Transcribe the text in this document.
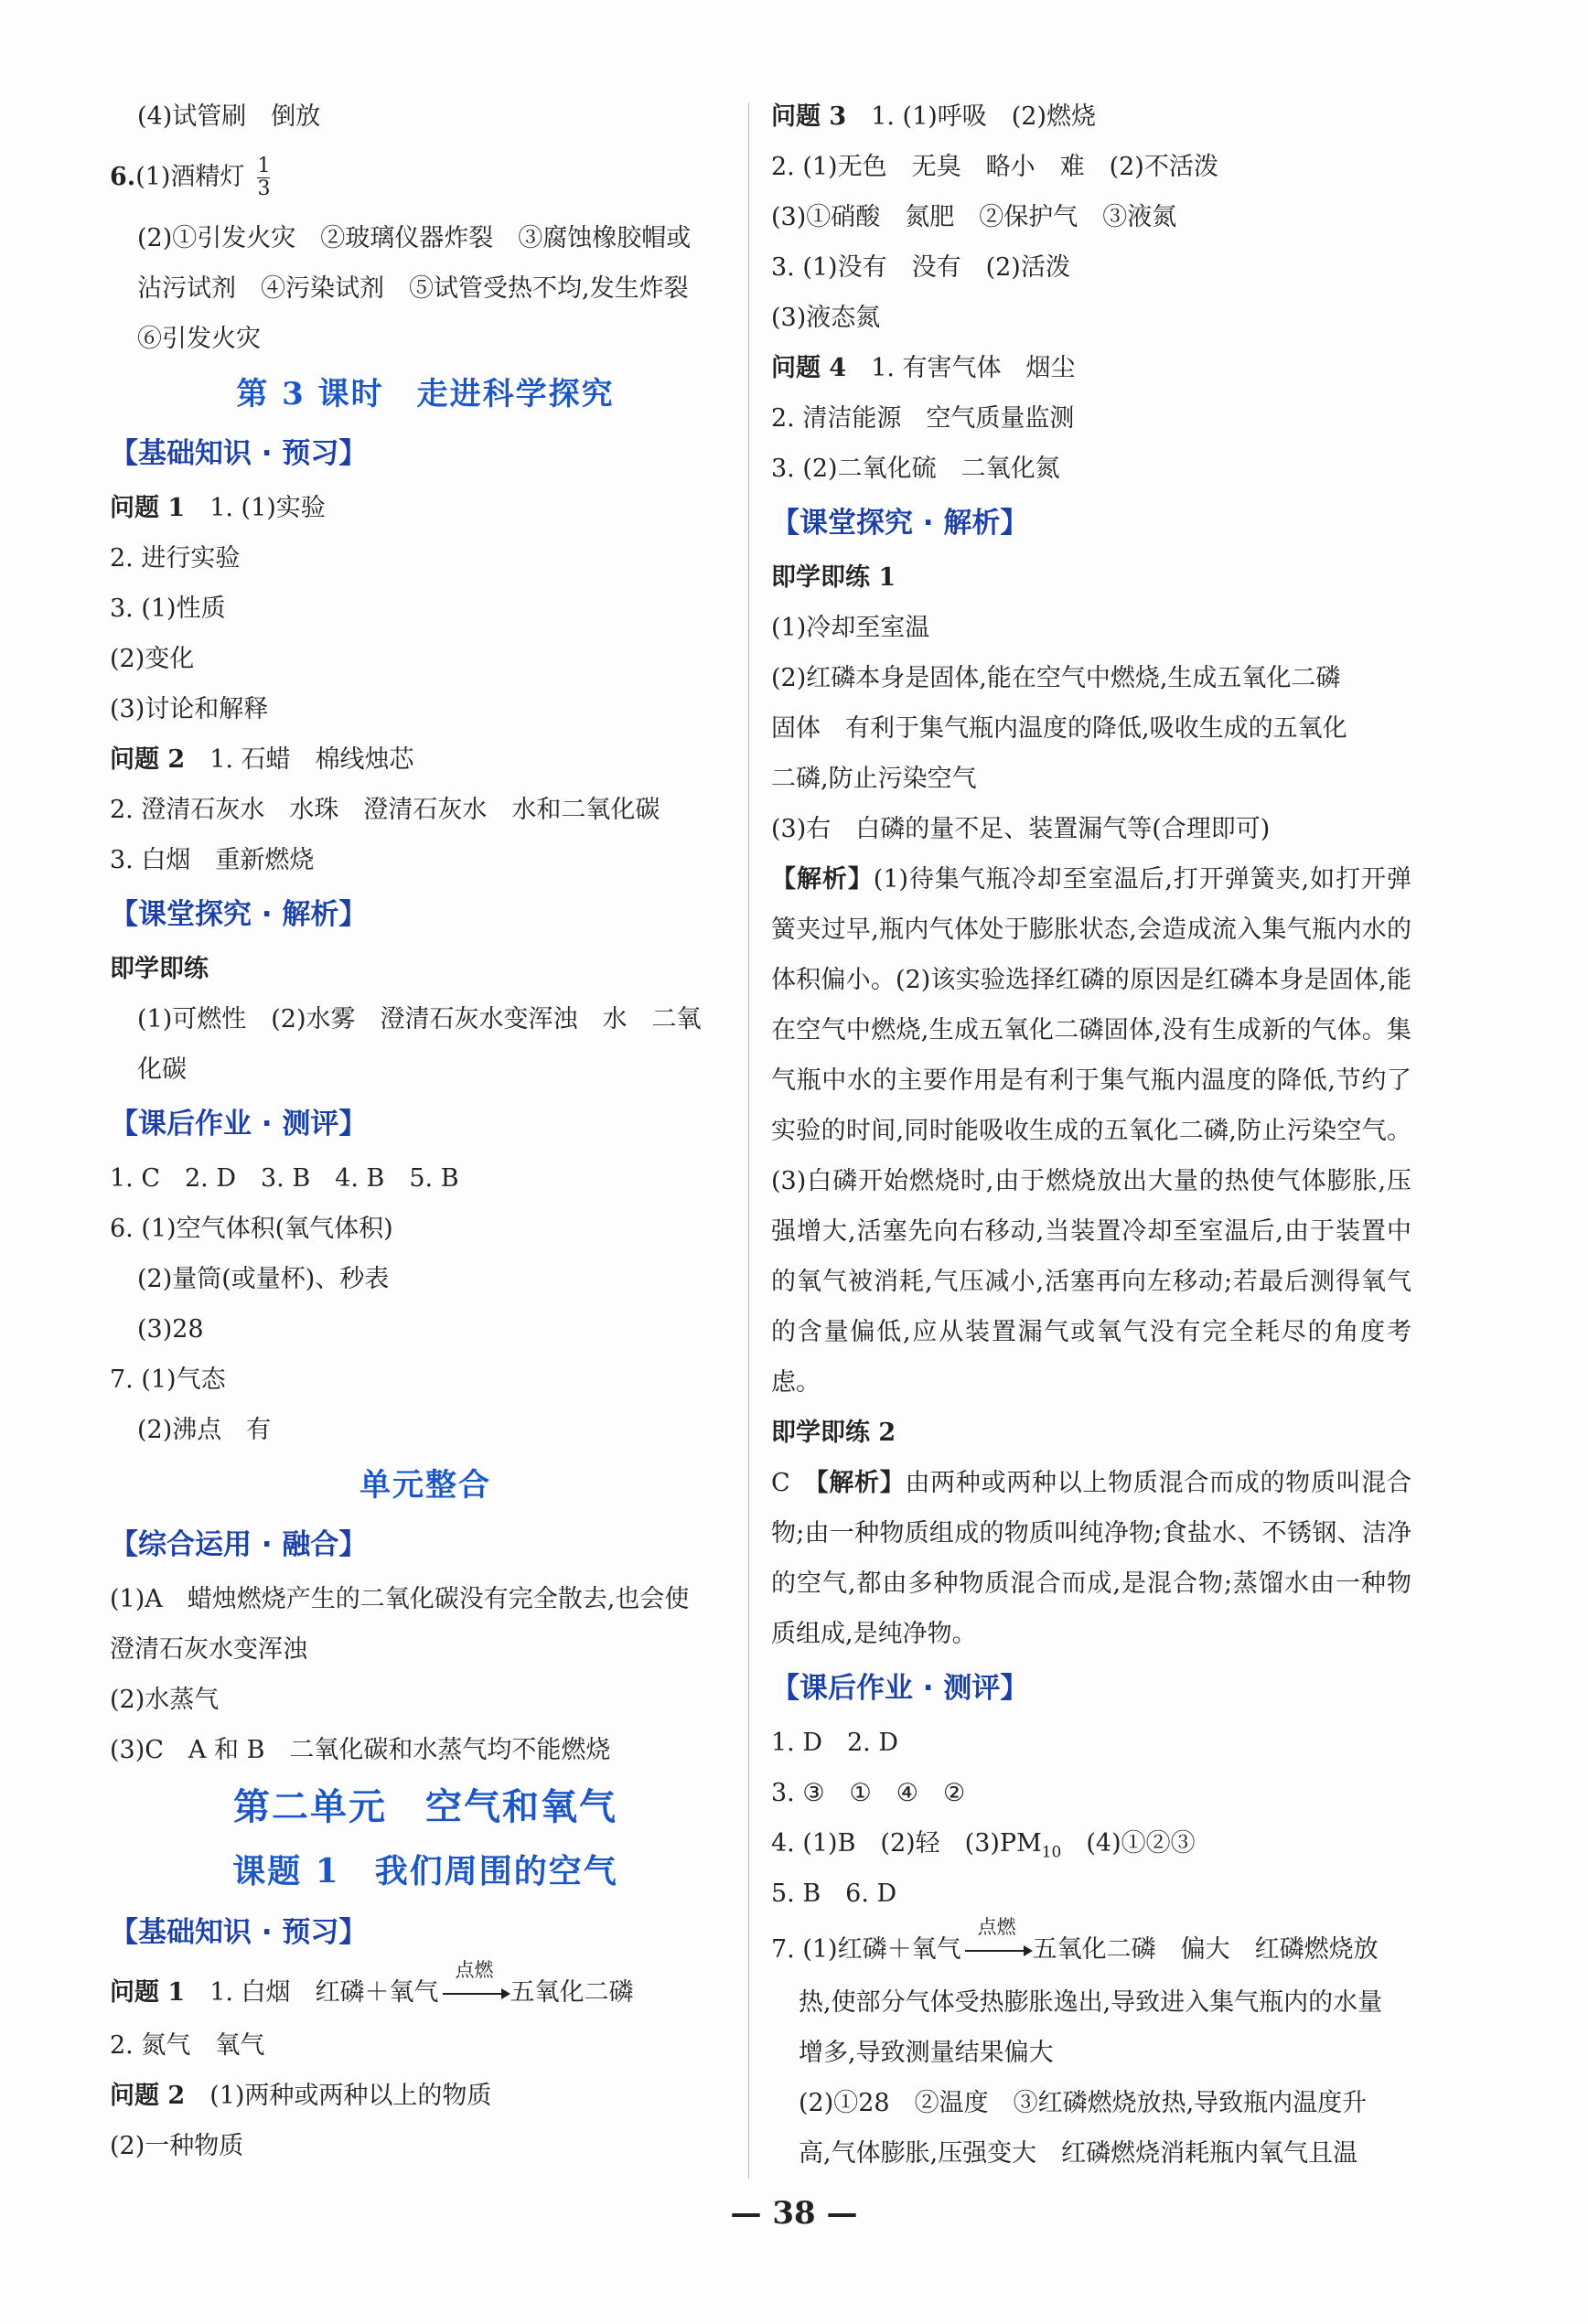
(4)试管刷　倒放
6.(1)酒精灯 $\frac{1}{3}$
(2)①引发火灾　②玻璃仪器炸裂　③腐蚀橡胶帽或
沾污试剂　④污染试剂　⑤试管受热不均,发生炸裂
⑥引发火灾
第 3 课时　走进科学探究
【基础知识 · 预习】
问题 1　 1. (1)实验
2. 进行实验
3. (1)性质
(2)变化
(3)讨论和解释
问题 2　 1. 石蜡　棉线烛芯
2. 澄清石灰水　水珠　澄清石灰水　水和二氧化碳
3. 白烟　重新燃烧
【课堂探究 · 解析】
即学即练
(1)可燃性　(2)水雾　澄清石灰水变浑浊　水　二氧
化碳
【课后作业 · 测评】
1. C　2. D　3. B　4. B　5. B
6. (1)空气体积(氧气体积)
(2)量筒(或量杯)、秒表
(3)28
7. (1)气态
(2)沸点　有
单元整合
【综合运用 · 融合】
(1)A　蜡烛燃烧产生的二氧化碳没有完全散去,也会使
澄清石灰水变浑浊
(2)水蒸气
(3)C　A 和 B　二氧化碳和水蒸气均不能燃烧
第二单元　空气和氧气
课题 1　我们周围的空气
【基础知识 · 预习】
问题 1　 1. 白烟　红磷＋氧气
点燃
五氧化二磷
2. 氮气　氧气
问题 2　 (1)两种或两种以上的物质
(2)一种物质
问题 3　 1. (1)呼吸　(2)燃烧
2. (1)无色　无臭　略小　难　(2)不活泼
(3)①硝酸　氮肥　②保护气　③液氮
3. (1)没有　没有　(2)活泼
(3)液态氮
问题 4　 1. 有害气体　烟尘
2. 清洁能源　空气质量监测
3. (2)二氧化硫　二氧化氮
【课堂探究 · 解析】
即学即练 1
(1)冷却至室温
(2)红磷本身是固体,能在空气中燃烧,生成五氧化二磷
固体　有利于集气瓶内温度的降低,吸收生成的五氧化
二磷,防止污染空气
(3)右　白磷的量不足、装置漏气等(合理即可)
【解析】(1)待集气瓶冷却至室温后,打开弹簧夹,如打开弹簧夹过早,瓶内气体处于膨胀状态,会造成流入集气瓶内水的体积偏小。(2)该实验选择红磷的原因是红磷本身是固体,能在空气中燃烧,生成五氧化二磷固体,没有生成新的气体。集气瓶中水的主要作用是有利于集气瓶内温度的降低,节约了实验的时间,同时能吸收生成的五氧化二磷,防止污染空气。(3)白磷开始燃烧时,由于燃烧放出大量的热使气体膨胀,压强增大,活塞先向右移动,当装置冷却至室温后,由于装置中的氧气被消耗,气压减小,活塞再向左移动;若最后测得氧气的含量偏低,应从装置漏气或氧气没有完全耗尽的角度考虑。
即学即练 2
C　 【解析】由两种或两种以上物质混合而成的物质叫混合物;由一种物质组成的物质叫纯净物;食盐水、不锈钢、洁净的空气,都由多种物质混合而成,是混合物;蒸馏水由一种物质组成,是纯净物。
【课后作业 · 测评】
1. D　2. D
3. ③　①　④　②
4. (1)B　(2)轻　$(3)PM_{10}$　(4)①②③
5. B　6. D
7. (1)红磷＋氧气
点燃
五氧化二磷　偏大　红磷燃烧放
热,使部分气体受热膨胀逸出,导致进入集气瓶内的水量
增多,导致测量结果偏大
(2)①28　②温度　③红磷燃烧放热,导致瓶内温度升
高,气体膨胀,压强变大　红磷燃烧消耗瓶内氧气且温
— 38 —
